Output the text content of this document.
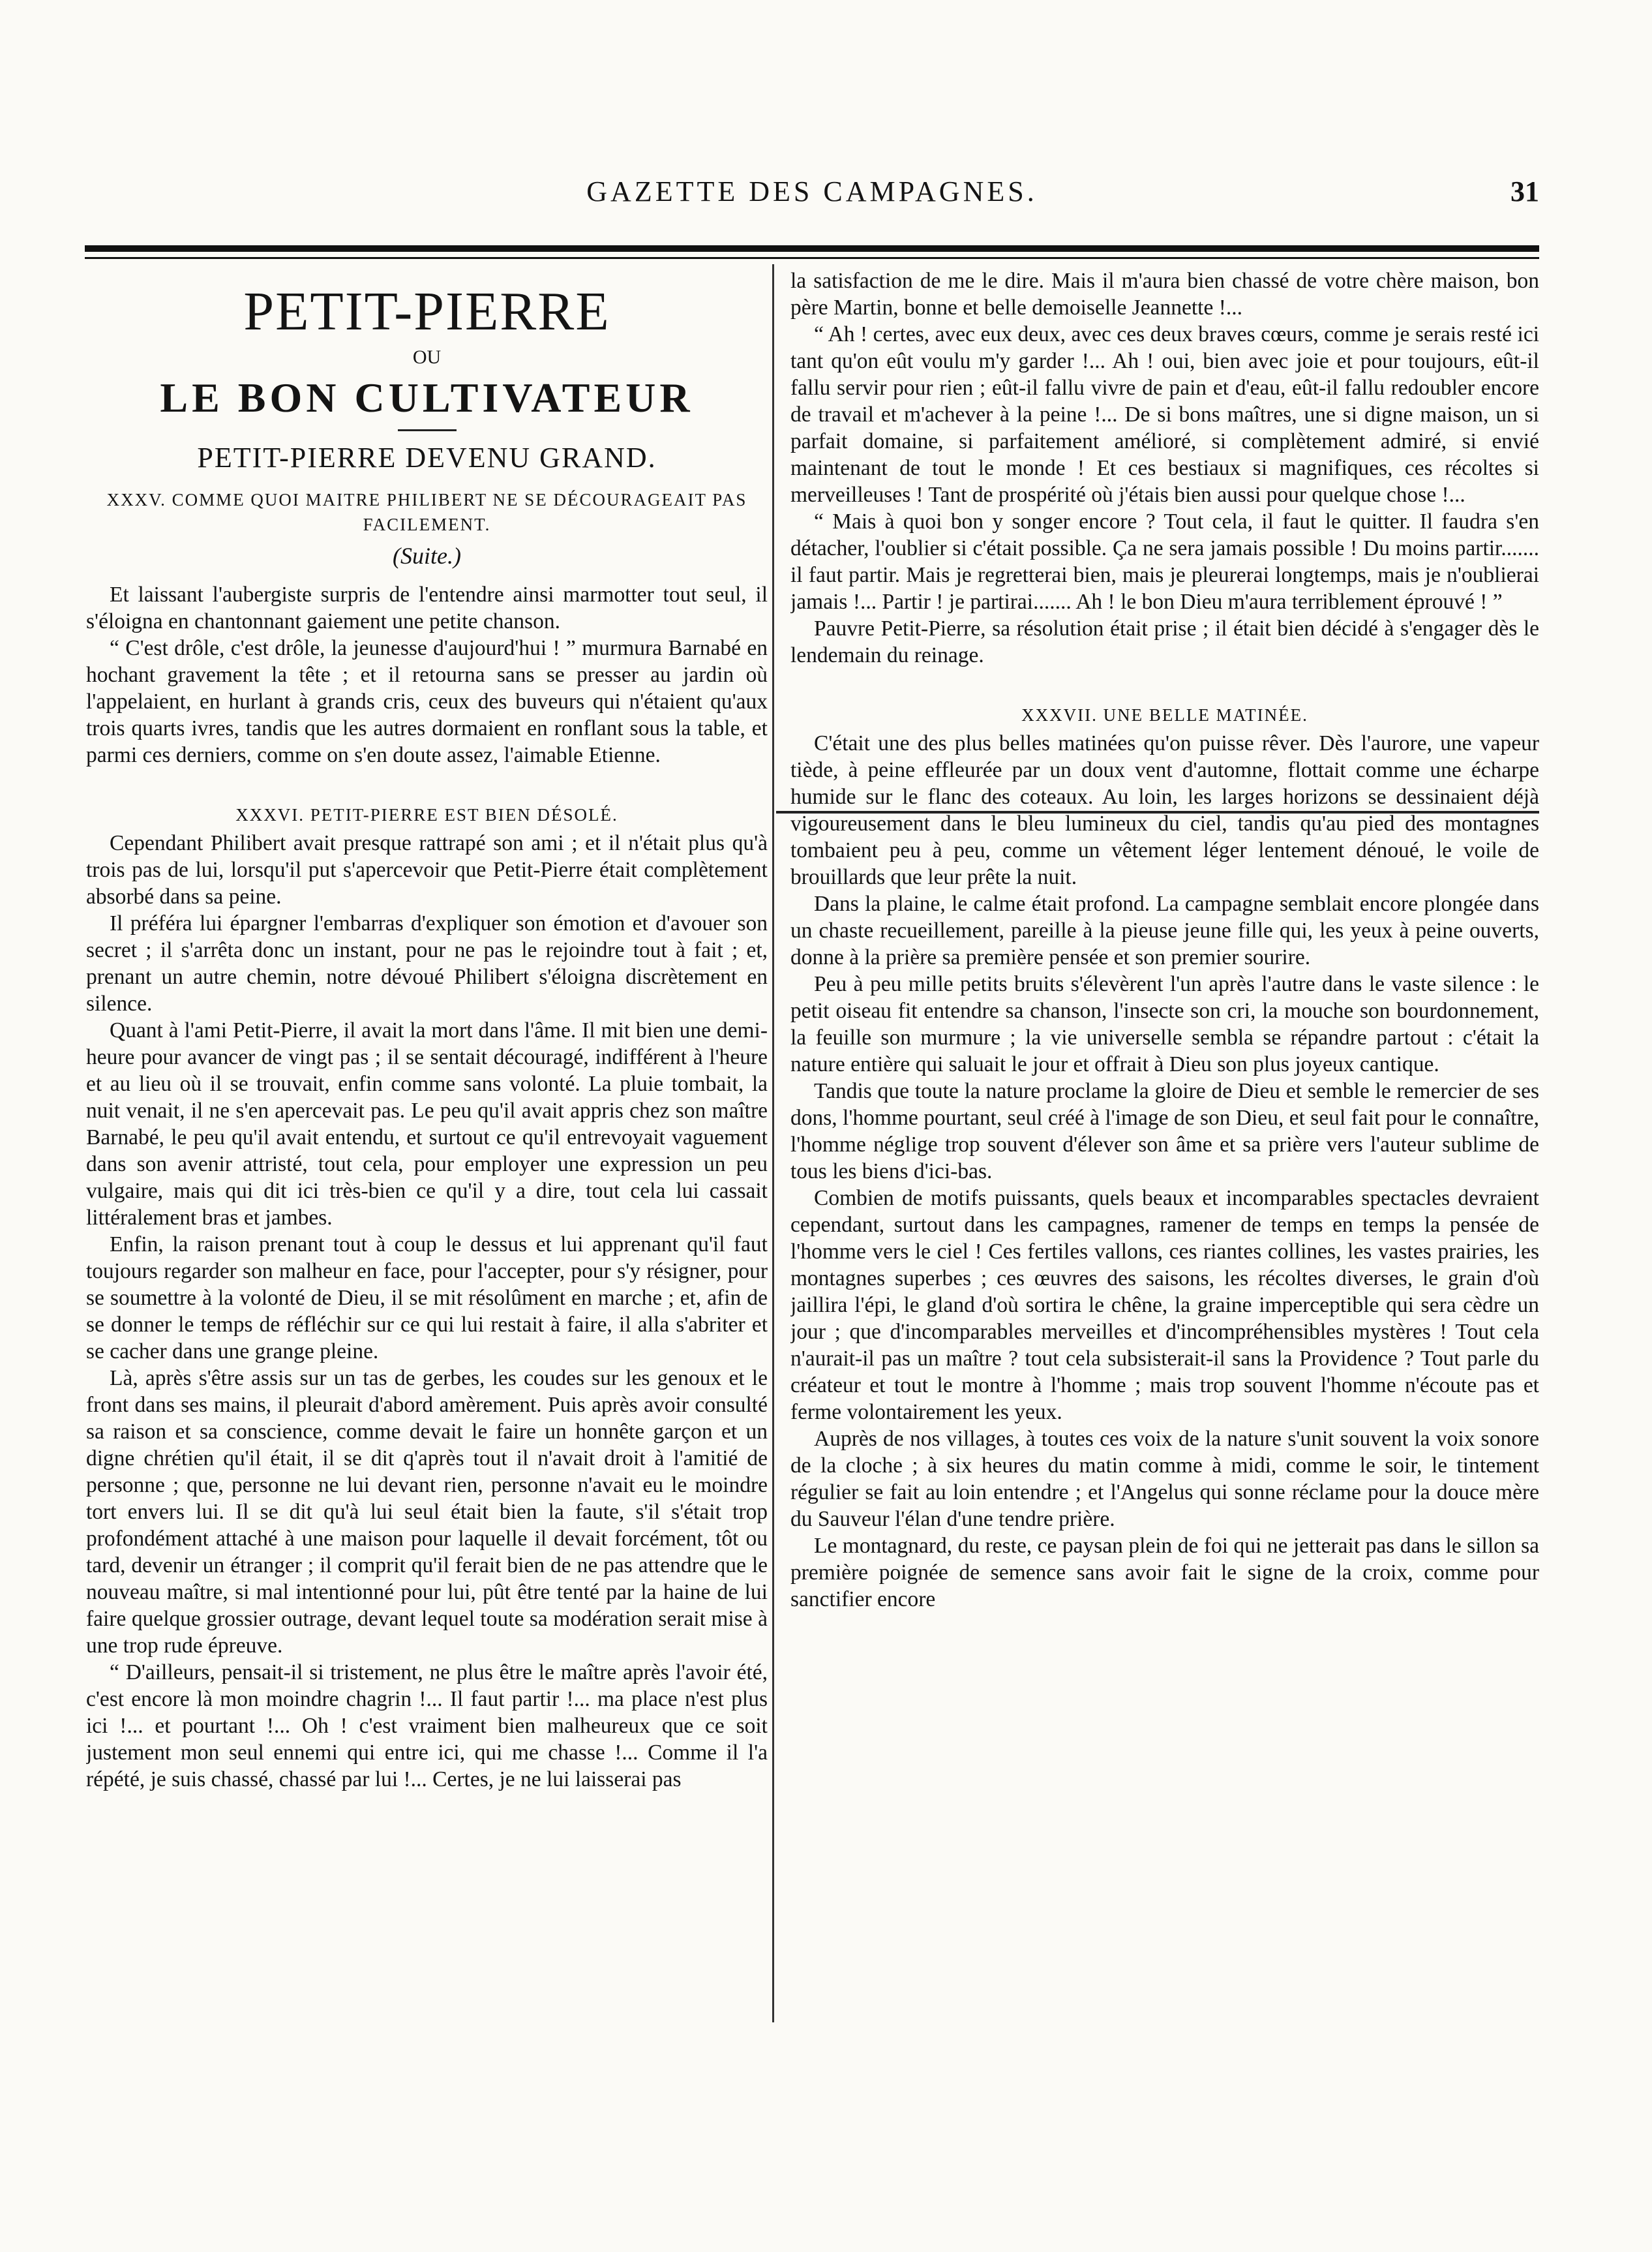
GAZETTE DES CAMPAGNES.	31
PETIT-PIERRE
OU
LE BON CULTIVATEUR
PETIT-PIERRE DEVENU GRAND.
XXXV. COMME QUOI MAITRE PHILIBERT NE SE DÉCOURAGEAIT PAS FACILEMENT.
(Suite.)

Et laissant l'aubergiste surpris de l'entendre ainsi marmotter tout seul, il s'éloigna en chantonnant gaiement une petite chanson.

“ C'est drôle, c'est drôle, la jeunesse d'aujourd'hui ! ” murmura Barnabé en hochant gravement la tête ; et il retourna sans se presser au jardin où l'appelaient, en hurlant à grands cris, ceux des buveurs qui n'étaient qu'aux trois quarts ivres, tandis que les autres dormaient en ronflant sous la table, et parmi ces derniers, comme on s'en doute assez, l'aimable Etienne.

XXXVI. PETIT-PIERRE EST BIEN DÉSOLÉ.

Cependant Philibert avait presque rattrapé son ami ; et il n'était plus qu'à trois pas de lui, lorsqu'il put s'apercevoir que Petit-Pierre était complètement absorbé dans sa peine.

Il préféra lui épargner l'embarras d'expliquer son émotion et d'avouer son secret ; il s'arrêta donc un instant, pour ne pas le rejoindre tout à fait ; et, prenant un autre chemin, notre dévoué Philibert s'éloigna discrètement en silence.

Quant à l'ami Petit-Pierre, il avait la mort dans l'âme. Il mit bien une demi-heure pour avancer de vingt pas ; il se sentait découragé, indifférent à l'heure et au lieu où il se trouvait, enfin comme sans volonté. La pluie tombait, la nuit venait, il ne s'en apercevait pas. Le peu qu'il avait appris chez son maître Barnabé, le peu qu'il avait entendu, et surtout ce qu'il entrevoyait vaguement dans son avenir attristé, tout cela, pour employer une expression un peu vulgaire, mais qui dit ici très-bien ce qu'il y a dire, tout cela lui cassait littéralement bras et jambes.

Enfin, la raison prenant tout à coup le dessus et lui apprenant qu'il faut toujours regarder son malheur en face, pour l'accepter, pour s'y résigner, pour se soumettre à la volonté de Dieu, il se mit résolûment en marche ; et, afin de se donner le temps de réfléchir sur ce qui lui restait à faire, il alla s'abriter et se cacher dans une grange pleine.

Là, après s'être assis sur un tas de gerbes, les coudes sur les genoux et le front dans ses mains, il pleurait d'abord amèrement. Puis après avoir consulté sa raison et sa conscience, comme devait le faire un honnête garçon et un digne chrétien qu'il était, il se dit q'après tout il n'avait droit à l'amitié de personne ; que, personne ne lui devant rien, personne n'avait eu le moindre tort envers lui. Il se dit qu'à lui seul était bien la faute, s'il s'était trop profondément attaché à une maison pour laquelle il devait forcément, tôt ou tard, devenir un étranger ; il comprit qu'il ferait bien de ne pas attendre que le nouveau maître, si mal intentionné pour lui, pût être tenté par la haine de lui faire quelque grossier outrage, devant lequel toute sa modération serait mise à une trop rude épreuve.

“ D'ailleurs, pensait-il si tristement, ne plus être le maître après l'avoir été, c'est encore là mon moindre chagrin !... Il faut partir !... ma place n'est plus ici !... et pourtant !... Oh ! c'est vraiment bien malheureux que ce soit justement mon seul ennemi qui entre ici, qui me chasse !... Comme il l'a répété, je suis chassé, chassé par lui !... Certes, je ne lui laisserai pas

la satisfaction de me le dire. Mais il m'aura bien chassé de votre chère maison, bon père Martin, bonne et belle demoiselle Jeannette !...

“ Ah ! certes, avec eux deux, avec ces deux braves cœurs, comme je serais resté ici tant qu'on eût voulu m'y garder !... Ah ! oui, bien avec joie et pour toujours, eût-il fallu servir pour rien ; eût-il fallu vivre de pain et d'eau, eût-il fallu redoubler encore de travail et m'achever à la peine !... De si bons maîtres, une si digne maison, un si parfait domaine, si parfaitement amélioré, si complètement admiré, si envié maintenant de tout le monde ! Et ces bestiaux si magnifiques, ces récoltes si merveilleuses ! Tant de prospérité où j'étais bien aussi pour quelque chose !...

“ Mais à quoi bon y songer encore ? Tout cela, il faut le quitter. Il faudra s'en détacher, l'oublier si c'était possible. Ça ne sera jamais possible ! Du moins partir....... il faut partir. Mais je regretterai bien, mais je pleurerai longtemps, mais je n'oublierai jamais !... Partir ! je partirai....... Ah ! le bon Dieu m'aura terriblement éprouvé ! ”

Pauvre Petit-Pierre, sa résolution était prise ; il était bien décidé à s'engager dès le lendemain du reinage.

XXXVII. UNE BELLE MATINÉE.

C'était une des plus belles matinées qu'on puisse rêver. Dès l'aurore, une vapeur tiède, à peine effleurée par un doux vent d'automne, flottait comme une écharpe humide sur le flanc des coteaux. Au loin, les larges horizons se dessinaient déjà vigoureusement dans le bleu lumineux du ciel, tandis qu'au pied des montagnes tombaient peu à peu, comme un vêtement léger lentement dénoué, le voile de brouillards que leur prête la nuit.

Dans la plaine, le calme était profond. La campagne semblait encore plongée dans un chaste recueillement, pareille à la pieuse jeune fille qui, les yeux à peine ouverts, donne à la prière sa première pensée et son premier sourire.

Peu à peu mille petits bruits s'élevèrent l'un après l'autre dans le vaste silence : le petit oiseau fit entendre sa chanson, l'insecte son cri, la mouche son bourdonnement, la feuille son murmure ; la vie universelle sembla se répandre partout : c'était la nature entière qui saluait le jour et offrait à Dieu son plus joyeux cantique.

Tandis que toute la nature proclame la gloire de Dieu et semble le remercier de ses dons, l'homme pourtant, seul créé à l'image de son Dieu, et seul fait pour le connaître, l'homme néglige trop souvent d'élever son âme et sa prière vers l'auteur sublime de tous les biens d'ici-bas.

Combien de motifs puissants, quels beaux et incomparables spectacles devraient cependant, surtout dans les campagnes, ramener de temps en temps la pensée de l'homme vers le ciel ! Ces fertiles vallons, ces riantes collines, les vastes prairies, les montagnes superbes ; ces œuvres des saisons, les récoltes diverses, le grain d'où jaillira l'épi, le gland d'où sortira le chêne, la graine imperceptible qui sera cèdre un jour ; que d'incomparables merveilles et d'incompréhensibles mystères ! Tout cela n'aurait-il pas un maître ? tout cela subsisterait-il sans la Providence ? Tout parle du créateur et tout le montre à l'homme ; mais trop souvent l'homme n'écoute pas et ferme volontairement les yeux.

Auprès de nos villages, à toutes ces voix de la nature s'unit souvent la voix sonore de la cloche ; à six heures du matin comme à midi, comme le soir, le tintement régulier se fait au loin entendre ; et l'Angelus qui sonne réclame pour la douce mère du Sauveur l'élan d'une tendre prière.

Le montagnard, du reste, ce paysan plein de foi qui ne jetterait pas dans le sillon sa première poignée de semence sans avoir fait le signe de la croix, comme pour sanctifier encore
